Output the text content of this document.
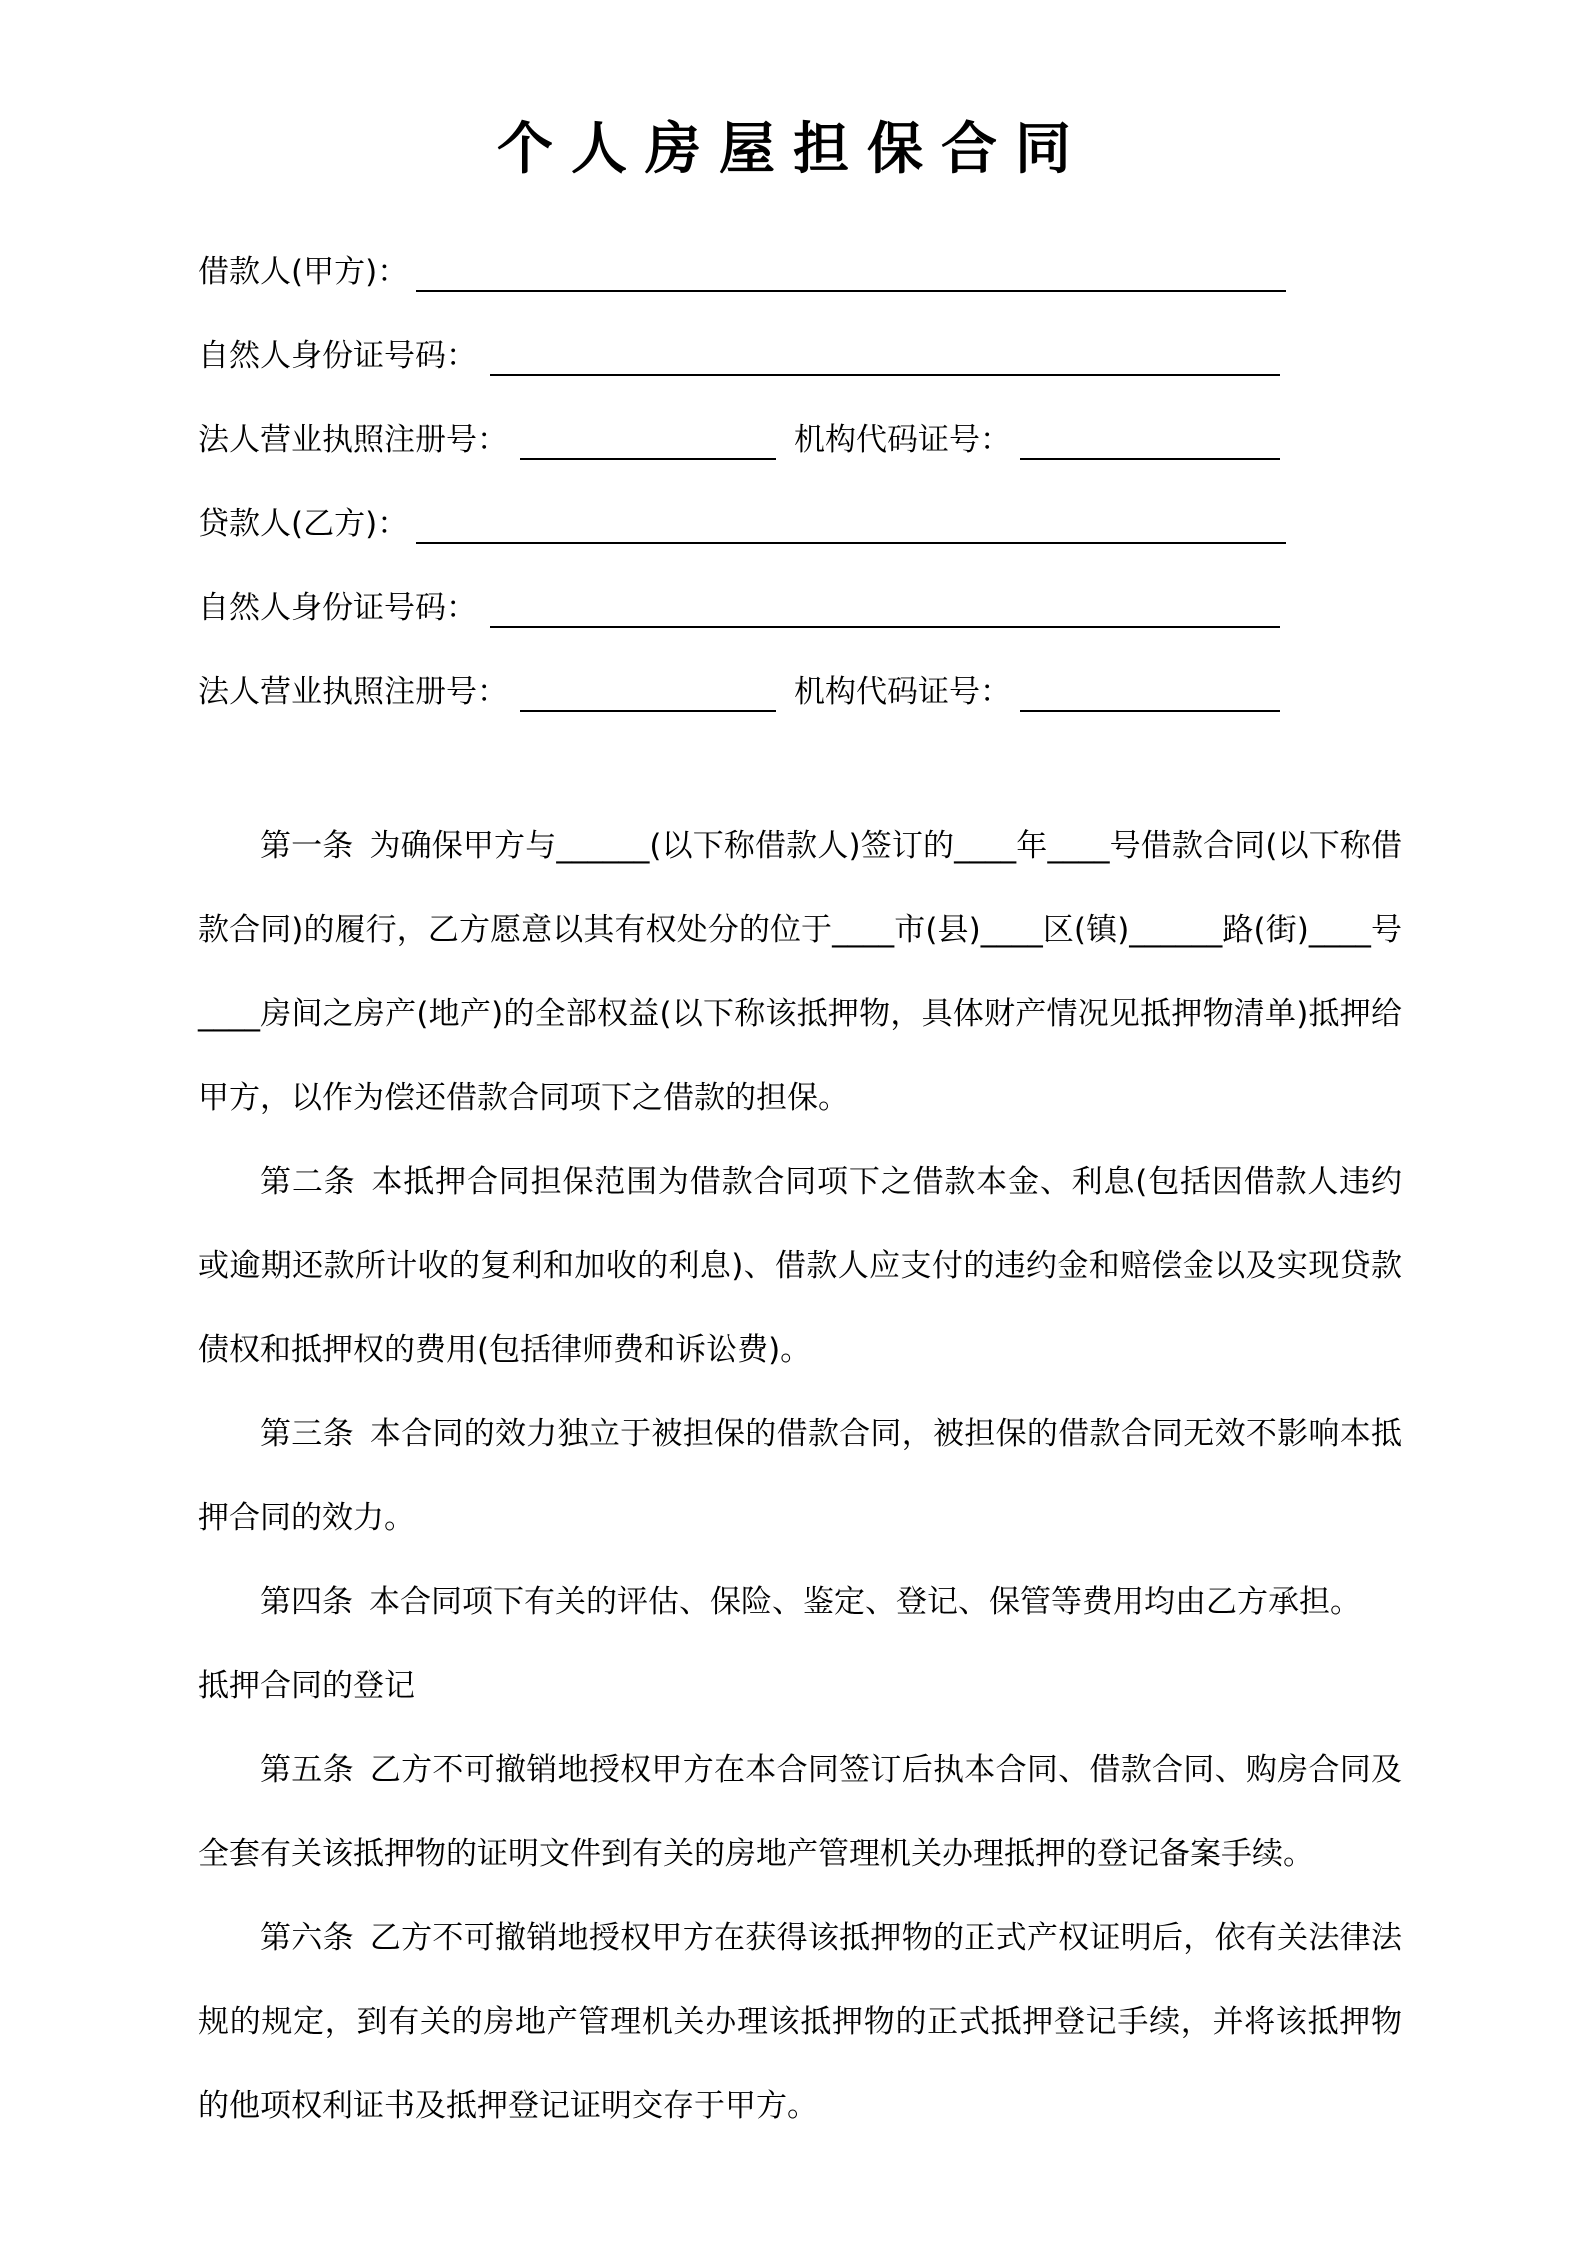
个人房屋担保合同
借款人(甲方)：
自然人身份证号码：
法人营业执照注册号：	机构代码证号：
贷款人(乙方)：
自然人身份证号码：
法人营业执照注册号：	机构代码证号：

第一条 为确保甲方与______(以下称借款人)签订的____年____号借款合同(以下称借款合同)的履行，乙方愿意以其有权处分的位于____市(县)____区(镇)______路(街)____号____房间之房产(地产)的全部权益(以下称该抵押物，具体财产情况见抵押物清单)抵押给甲方，以作为偿还借款合同项下之借款的担保。

第二条 本抵押合同担保范围为借款合同项下之借款本金、利息(包括因借款人违约或逾期还款所计收的复利和加收的利息)、借款人应支付的违约金和赔偿金以及实现贷款债权和抵押权的费用(包括律师费和诉讼费)。

第三条 本合同的效力独立于被担保的借款合同，被担保的借款合同无效不影响本抵押合同的效力。

第四条 本合同项下有关的评估、保险、鉴定、登记、保管等费用均由乙方承担。

抵押合同的登记

第五条 乙方不可撤销地授权甲方在本合同签订后执本合同、借款合同、购房合同及全套有关该抵押物的证明文件到有关的房地产管理机关办理抵押的登记备案手续。

第六条 乙方不可撤销地授权甲方在获得该抵押物的正式产权证明后，依有关法律法规的规定，到有关的房地产管理机关办理该抵押物的正式抵押登记手续，并将该抵押物的他项权利证书及抵押登记证明交存于甲方。
